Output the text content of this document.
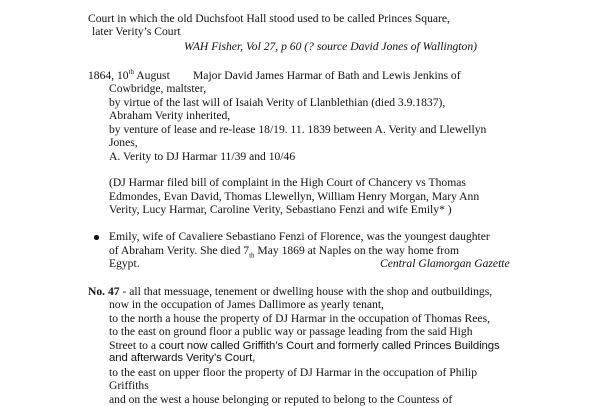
Court in which the old Duchsfoot Hall stood used to be called Princes Square,
later Verity’s Court
WAH Fisher, Vol 27, p 60 (? source David Jones of Wallington)
1864, 10th August Major David James Harmar of Bath and Lewis Jenkins of
Cowbridge, maltster,
by virtue of the last will of Isaiah Verity of Llanblethian (died 3.9.1837),
Abraham Verity inherited,
by venture of lease and re-lease 18/19. 11. 1839 between A. Verity and Llewellyn
Jones,
A. Verity to DJ Harmar 11/39 and 10/46
(DJ Harmar filed bill of complaint in the High Court of Chancery vs Thomas
Edmondes, Evan David, Thomas Llewellyn, William Henry Morgan, Mary Ann
Verity, Lucy Harmar, Caroline Verity, Sebastiano Fenzi and wife Emily* )
Emily, wife of Cavaliere Sebastiano Fenzi of Florence, was the youngest daughter
of Abraham Verity. She died $7_{th}$ May 1869 at Naples on the way home from
Egypt.	Central Glamorgan Gazette
No. 47 - all that messuage, tenement or dwelling house with the shop and outbuildings,
now in the occupation of James Dallimore as yearly tenant,
to the north a house the property of DJ Harmar in the occupation of Thomas Rees,
to the east on ground floor a public way or passage leading from the said High
Street to a court now called Griffith’s Court and formerly called Princes Buildings
and afterwards Verity’s Court,
to the east on upper floor the property of DJ Harmar in the occupation of Philip
Griffiths
and on the west a house belonging or reputed to belong to the Countess of
